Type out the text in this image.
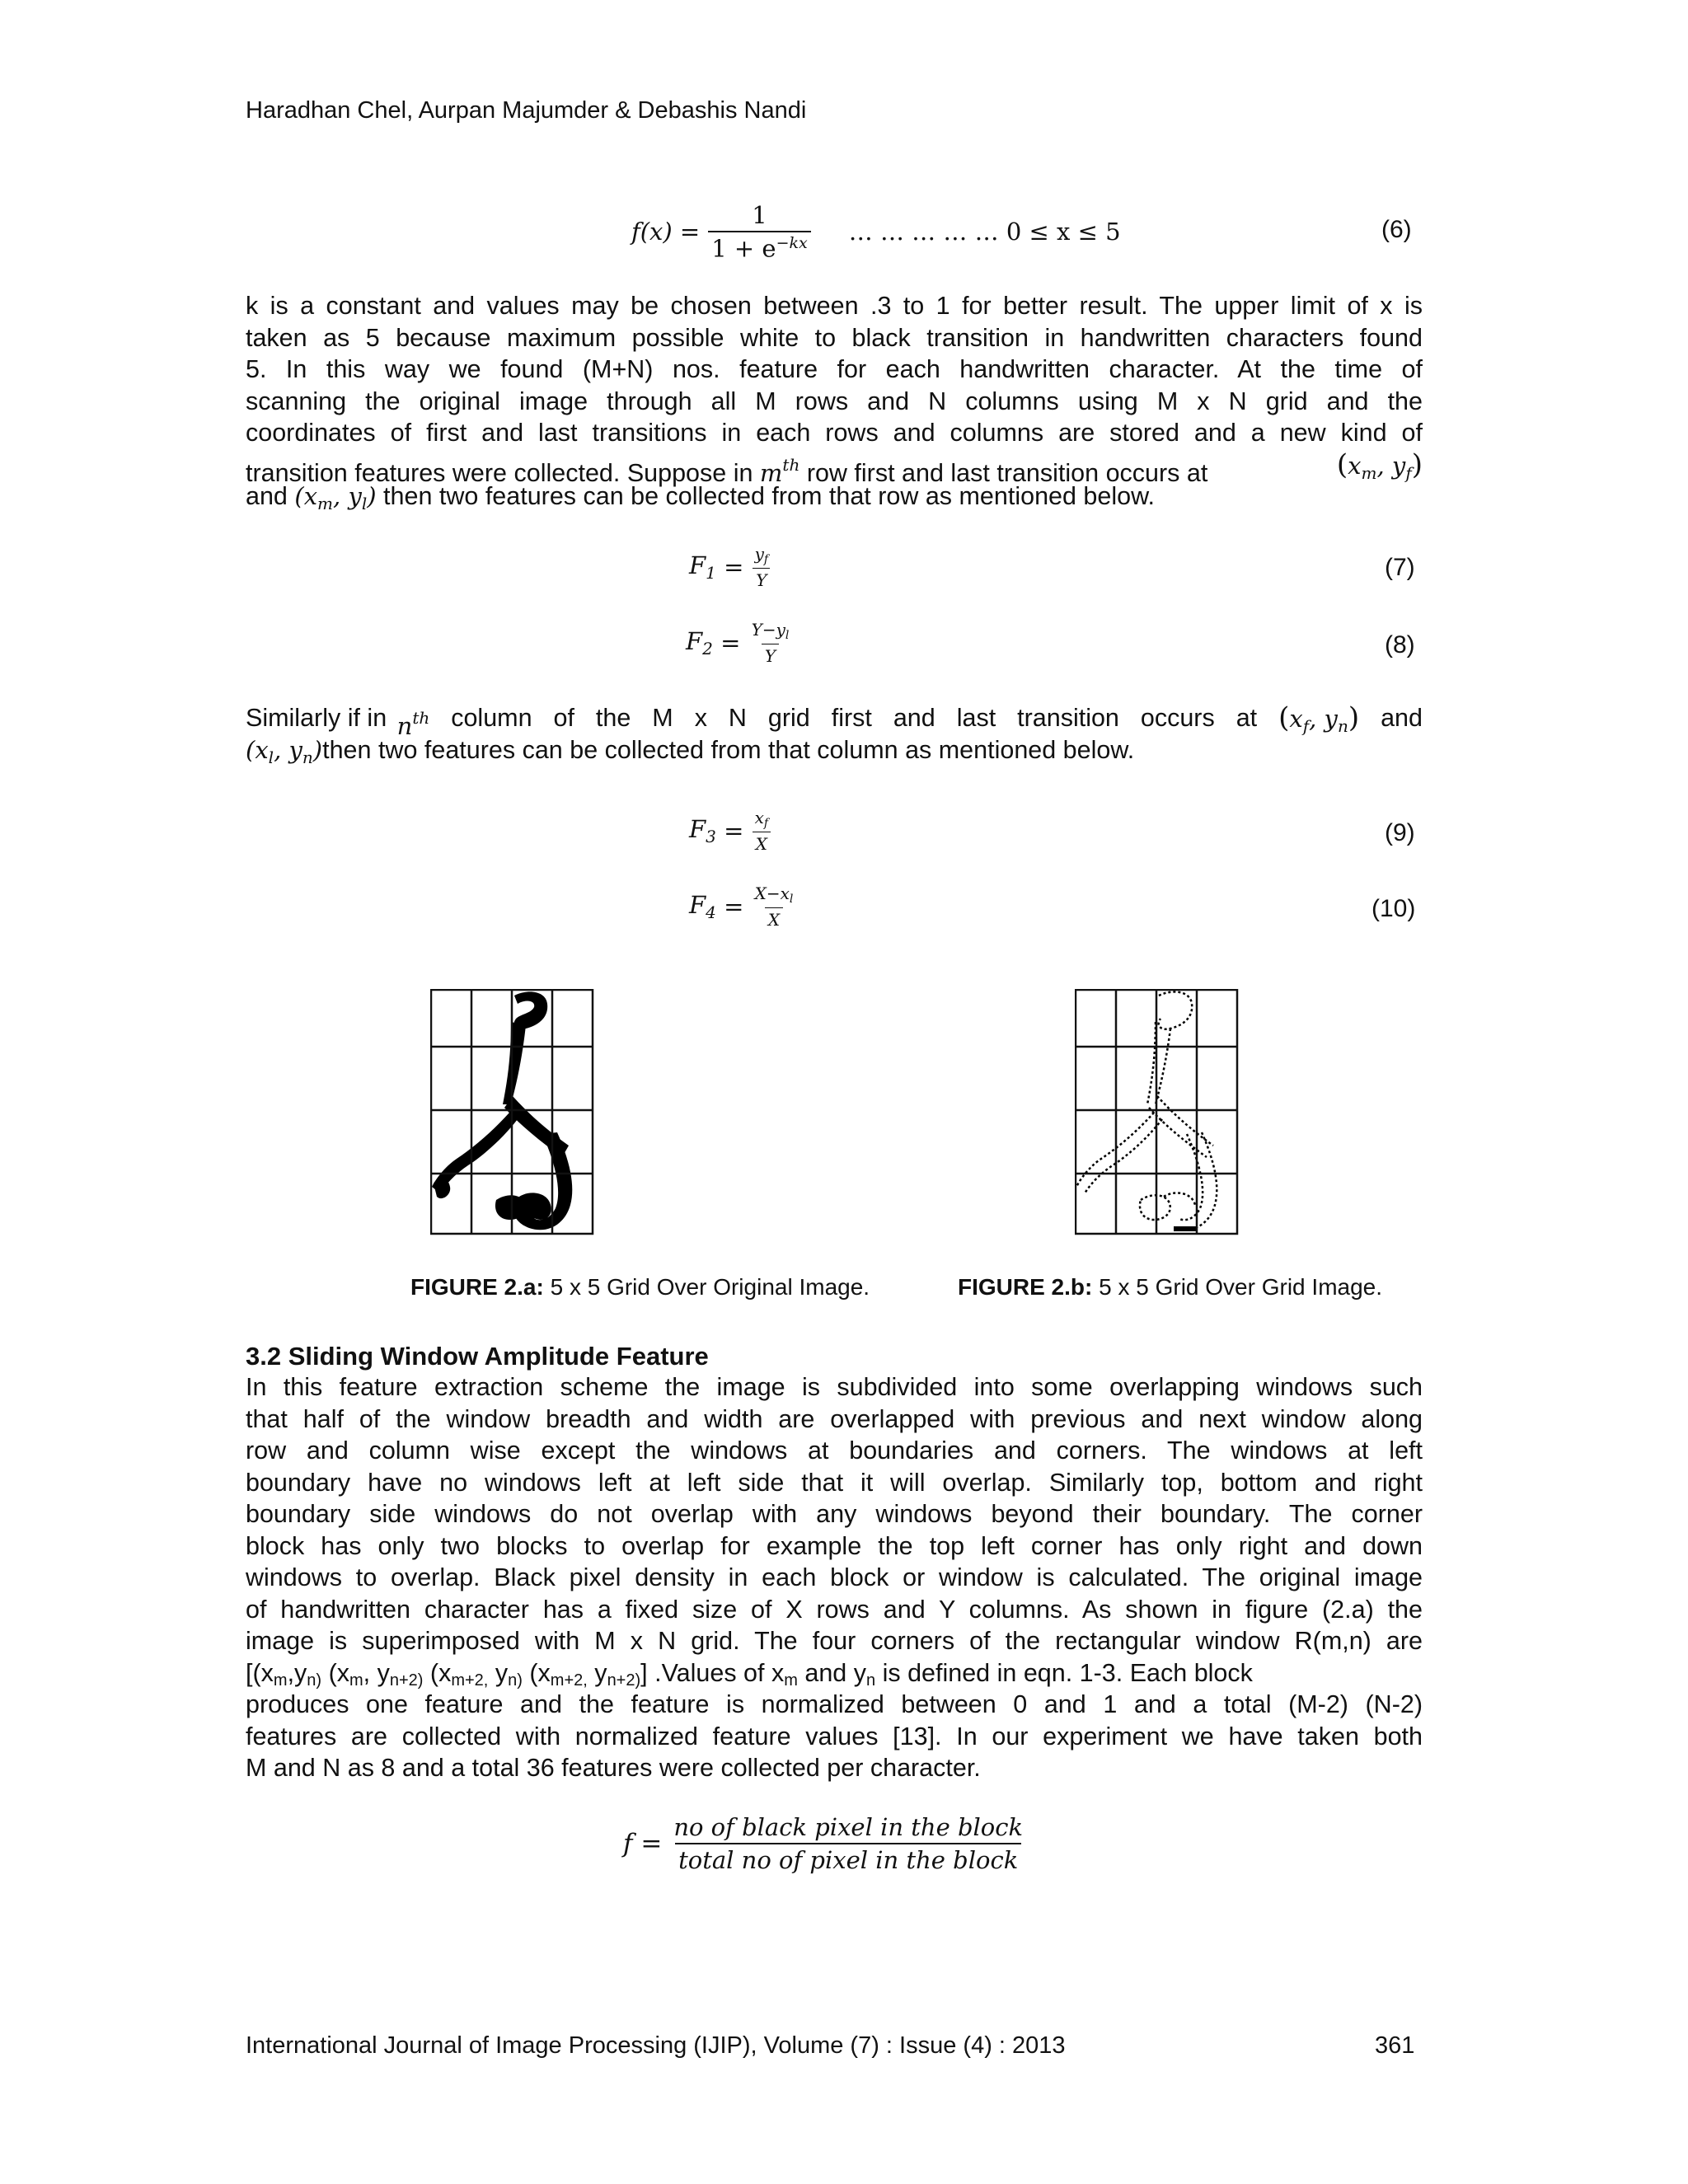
Haradhan Chel, Aurpan Majumder & Debashis Nandi
$f(x) = \frac{1}{1 + e^{-kx}}$ … … … … … 0 ≤ x ≤ 5	(6)
k is a constant and values may be chosen between .3 to 1 for better result. The upper limit of x is
taken as 5 because maximum possible white to black transition in handwritten characters found
5. In this way we found (M+N) nos. feature for each handwritten character. At the time of
scanning the original image through all M rows and N columns using M x N grid and the
coordinates of first and last transitions in each rows and columns are stored and a new kind of
transition features were collected. Suppose in $m^{th}$ row first and last transition occurs at	($x_m$, $y_f$)
and ($x_m$, $y_l$) then two features can be collected from that row as mentioned below.
$F_1 = \frac{y_f}{Y}$	(7)
$F_2 = \frac{Y-y_l}{Y}$	(8)
Similarly if in $n^{th}$ column of the M x N grid first and last transition occurs at ($x_f$, $y_n$) and
($x_l$, $y_n)then$ two features can be collected from that column as mentioned below.
$F_3 = \frac{x_f}{X}$	(9)
$F_4 = \frac{X-x_l}{X}$	(10)
FIGURE 2.a: 5 x 5 Grid Over Original Image.	FIGURE 2.b: 5 x 5 Grid Over Grid Image.
3.2 Sliding Window Amplitude Feature
In this feature extraction scheme the image is subdivided into some overlapping windows such
that half of the window breadth and width are overlapped with previous and next window along
row and column wise except the windows at boundaries and corners. The windows at left
boundary have no windows left at left side that it will overlap. Similarly top, bottom and right
boundary side windows do not overlap with any windows beyond their boundary. The corner
block has only two blocks to overlap for example the top left corner has only right and down
windows to overlap. Black pixel density in each block or window is calculated. The original image
of handwritten character has a fixed size of X rows and Y columns. As shown in figure (2.a) the
image is superimposed with M x N grid. The four corners of the rectangular window R(m,n) are
[(xm,yn) (xm, yn+2) (xm+2, yn) (xm+2, yn+2)] .Values of xm and yn is defined in eqn. 1-3. Each block
produces one feature and the feature is normalized between 0 and 1 and a total (M-2) (N-2)
features are collected with normalized feature values [13]. In our experiment we have taken both
M and N as 8 and a total 36 features were collected per character.
$f = \frac{\text{no of black pixel in the block}}{\text{total no of pixel in the block}}$
International Journal of Image Processing (IJIP), Volume (7) : Issue (4) : 2013	361
